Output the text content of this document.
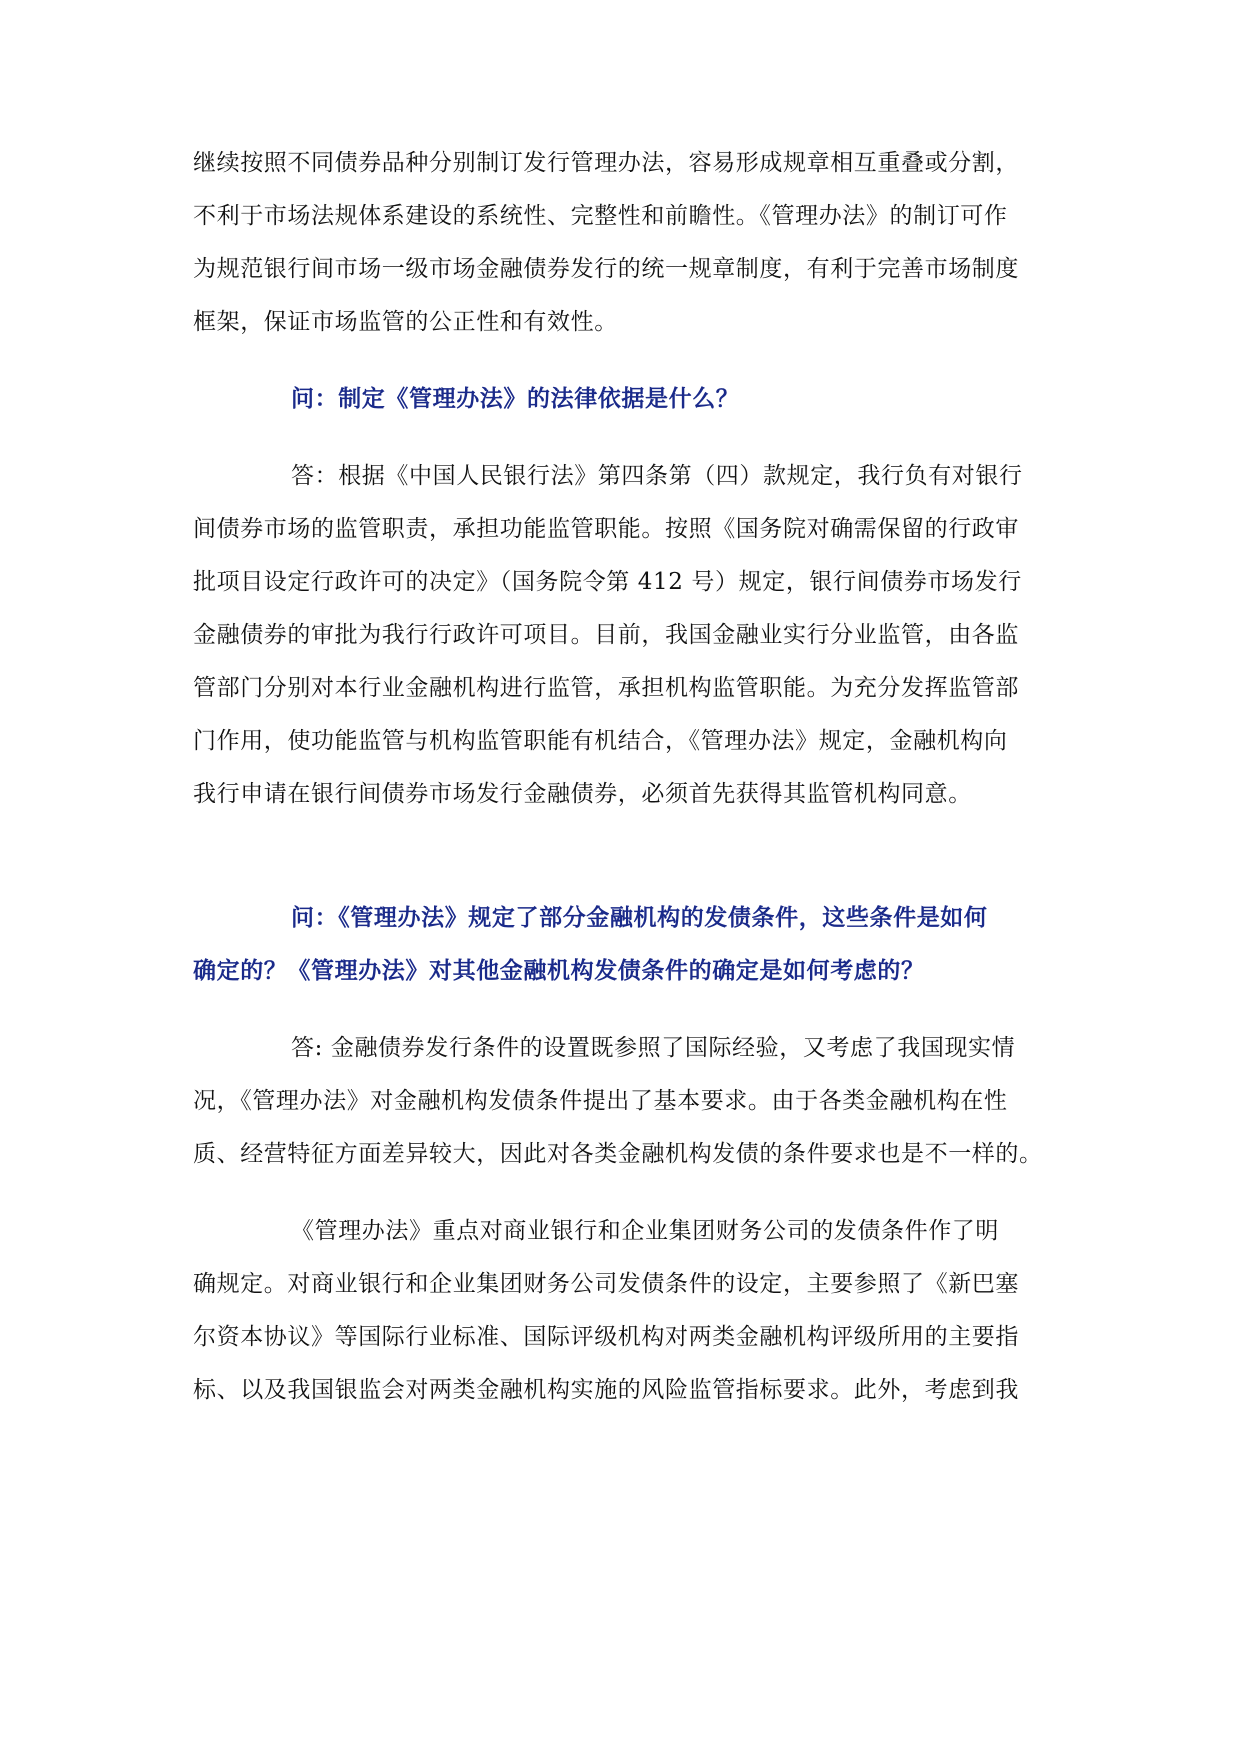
继续按照不同债券品种分别制订发行管理办法，容易形成规章相互重叠或分割，
不利于市场法规体系建设的系统性、完整性和前瞻性。《管理办法》的制订可作
为规范银行间市场一级市场金融债券发行的统一规章制度，有利于完善市场制度
框架，保证市场监管的公正性和有效性。
问：制定《管理办法》的法律依据是什么？
答：根据《中国人民银行法》第四条第（四）款规定，我行负有对银行
间债券市场的监管职责，承担功能监管职能。按照《国务院对确需保留的行政审
批项目设定行政许可的决定》（国务院令第 412 号）规定，银行间债券市场发行
金融债券的审批为我行行政许可项目。目前，我国金融业实行分业监管，由各监
管部门分别对本行业金融机构进行监管，承担机构监管职能。为充分发挥监管部
门作用，使功能监管与机构监管职能有机结合，《管理办法》规定，金融机构向
我行申请在银行间债券市场发行金融债券，必须首先获得其监管机构同意。
问：《管理办法》规定了部分金融机构的发债条件，这些条件是如何
确定的？《管理办法》对其他金融机构发债条件的确定是如何考虑的？
答: 金融债券发行条件的设置既参照了国际经验，又考虑了我国现实情
况，《管理办法》对金融机构发债条件提出了基本要求。由于各类金融机构在性
质、经营特征方面差异较大，因此对各类金融机构发债的条件要求也是不一样的。
《管理办法》重点对商业银行和企业集团财务公司的发债条件作了明
确规定。对商业银行和企业集团财务公司发债条件的设定，主要参照了《新巴塞
尔资本协议》等国际行业标准、国际评级机构对两类金融机构评级所用的主要指
标、以及我国银监会对两类金融机构实施的风险监管指标要求。此外，考虑到我
